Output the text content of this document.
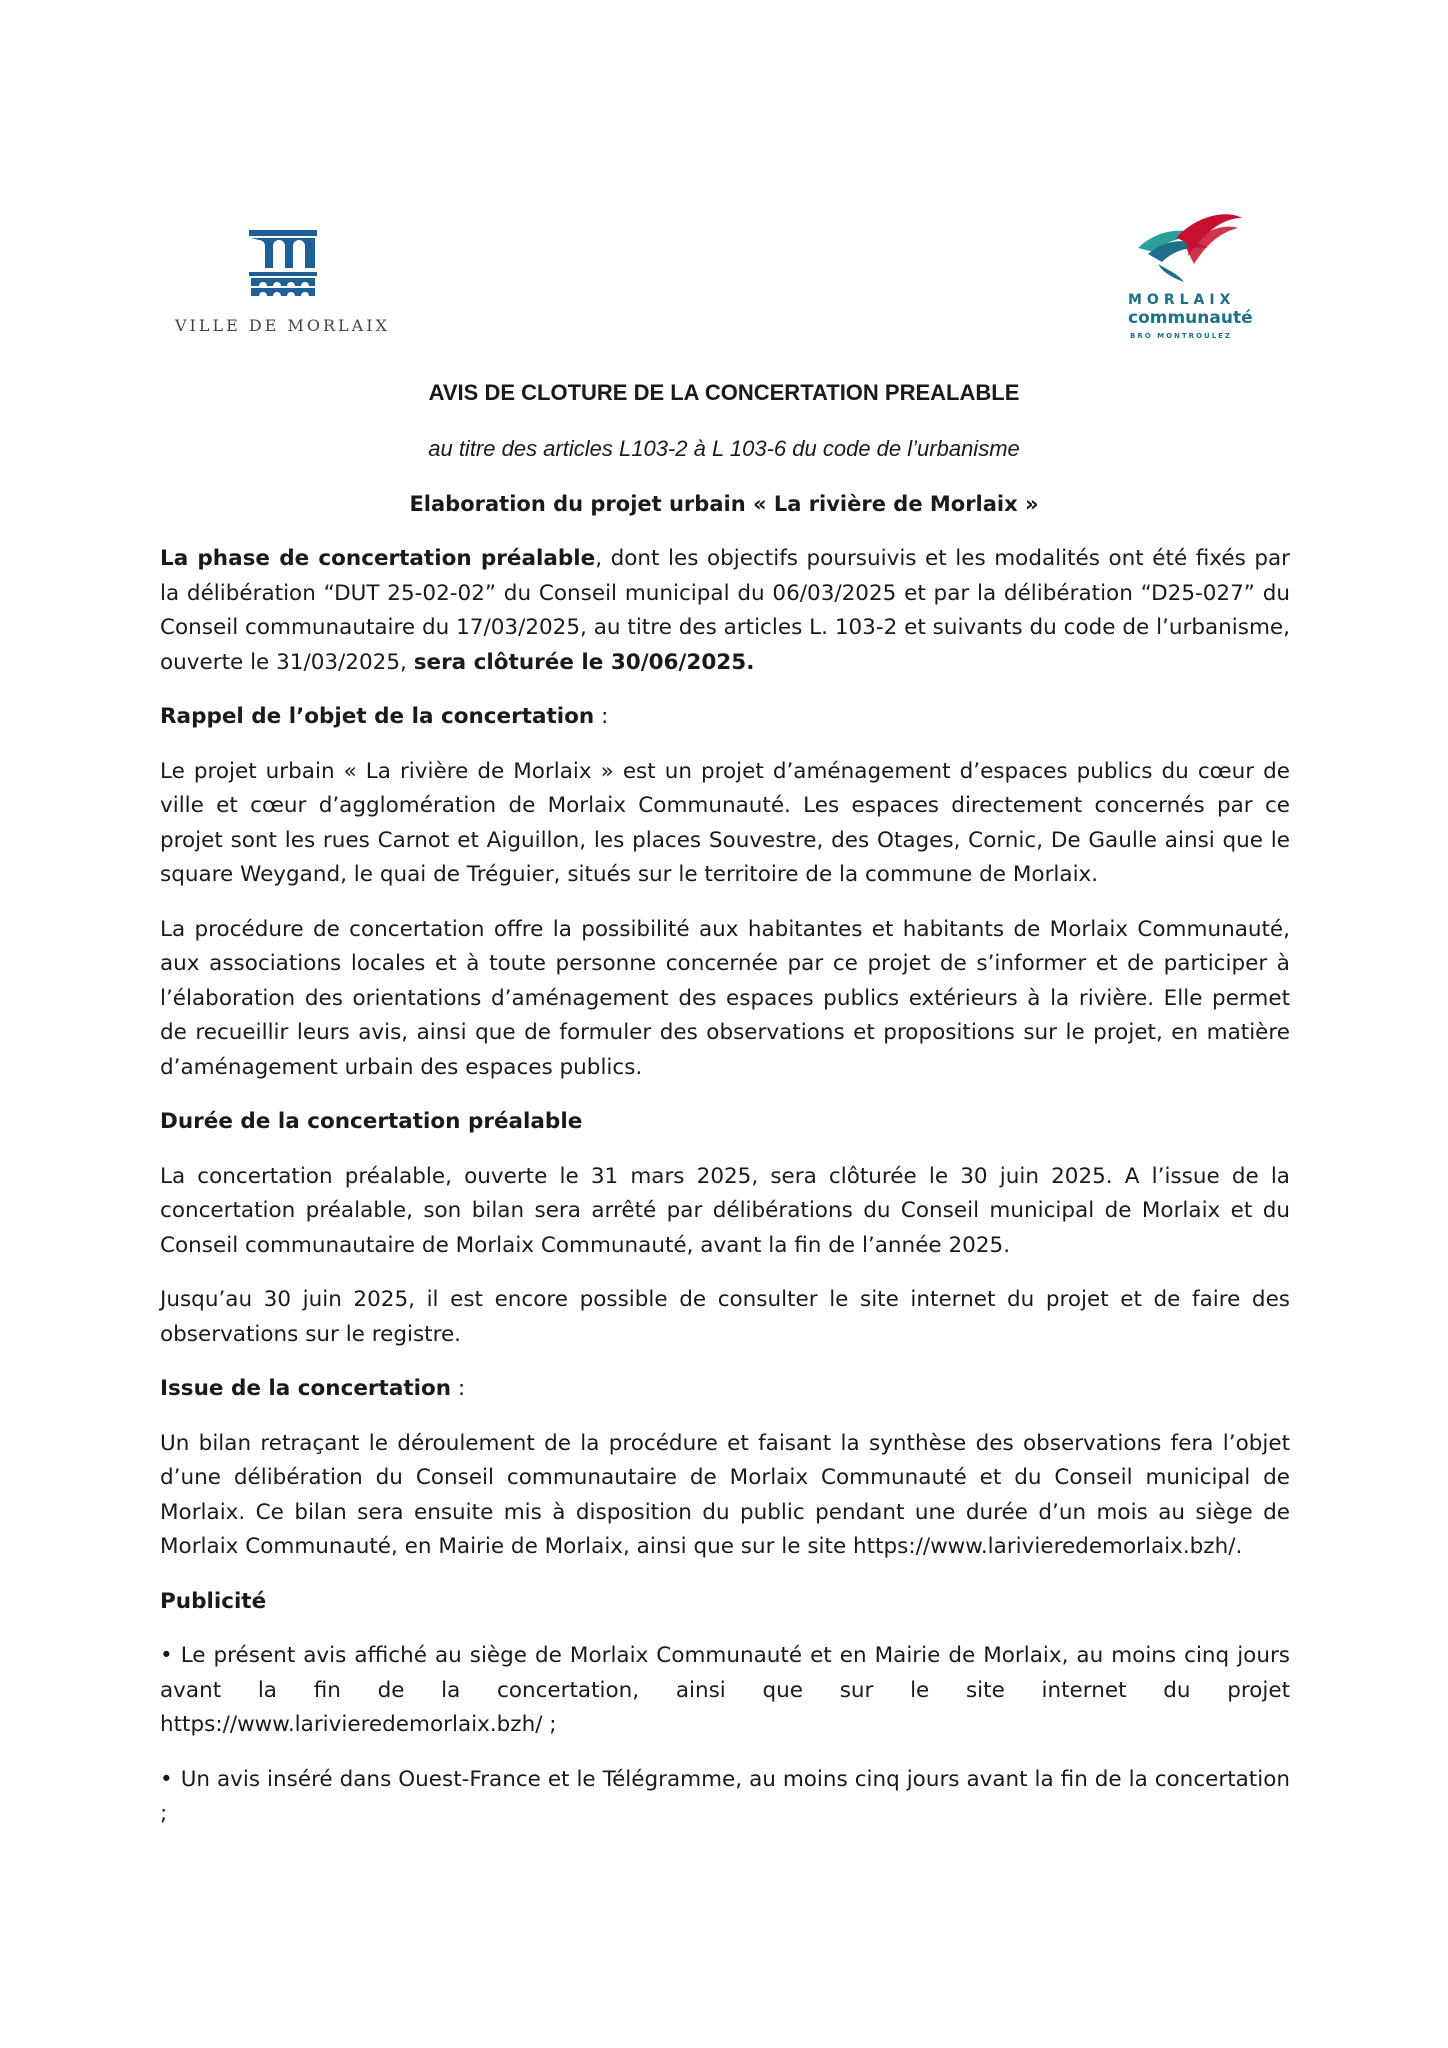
VILLE DE MORLAIX
MORLAIX
communauté
BRO MONTROULEZ
AVIS DE CLOTURE DE LA CONCERTATION PREALABLE
au titre des articles L103-2 à L 103-6 du code de l’urbanisme
Elaboration du projet urbain « La rivière de Morlaix »

La phase de concertation préalable, dont les objectifs poursuivis et les modalités ont été fixés par la délibération “DUT 25-02-02” du Conseil municipal du 06/03/2025 et par la délibération “D25-027” du Conseil communautaire du 17/03/2025, au titre des articles L. 103-2 et suivants du code de l’urbanisme, ouverte le 31/03/2025, sera clôturée le 30/06/2025.

Rappel de l’objet de la concertation :

Le projet urbain « La rivière de Morlaix » est un projet d’aménagement d’espaces publics du cœur de ville et cœur d’agglomération de Morlaix Communauté. Les espaces directement concernés par ce projet sont les rues Carnot et Aiguillon, les places Souvestre, des Otages, Cornic, De Gaulle ainsi que le square Weygand, le quai de Tréguier, situés sur le territoire de la commune de Morlaix.

La procédure de concertation offre la possibilité aux habitantes et habitants de Morlaix Communauté, aux associations locales et à toute personne concernée par ce projet de s’informer et de participer à l’élaboration des orientations d’aménagement des espaces publics extérieurs à la rivière. Elle permet de recueillir leurs avis, ainsi que de formuler des observations et propositions sur le projet, en matière d’aménagement urbain des espaces publics.

Durée de la concertation préalable

La concertation préalable, ouverte le 31 mars 2025, sera clôturée le 30 juin 2025. A l’issue de la concertation préalable, son bilan sera arrêté par délibérations du Conseil municipal de Morlaix et du Conseil communautaire de Morlaix Communauté, avant la fin de l’année 2025.

Jusqu’au 30 juin 2025, il est encore possible de consulter le site internet du projet et de faire des observations sur le registre.

Issue de la concertation :

Un bilan retraçant le déroulement de la procédure et faisant la synthèse des observations fera l’objet d’une délibération du Conseil communautaire de Morlaix Communauté et du Conseil municipal de Morlaix. Ce bilan sera ensuite mis à disposition du public pendant une durée d’un mois au siège de Morlaix Communauté, en Mairie de Morlaix, ainsi que sur le site https://www.larivieredemorlaix.bzh/.

Publicité

• Le présent avis affiché au siège de Morlaix Communauté et en Mairie de Morlaix, au moins cinq jours avant la fin de la concertation, ainsi que sur le site internet du projet https://www.larivieredemorlaix.bzh/ ;

• Un avis inséré dans Ouest-France et le Télégramme, au moins cinq jours avant la fin de la concertation ;
